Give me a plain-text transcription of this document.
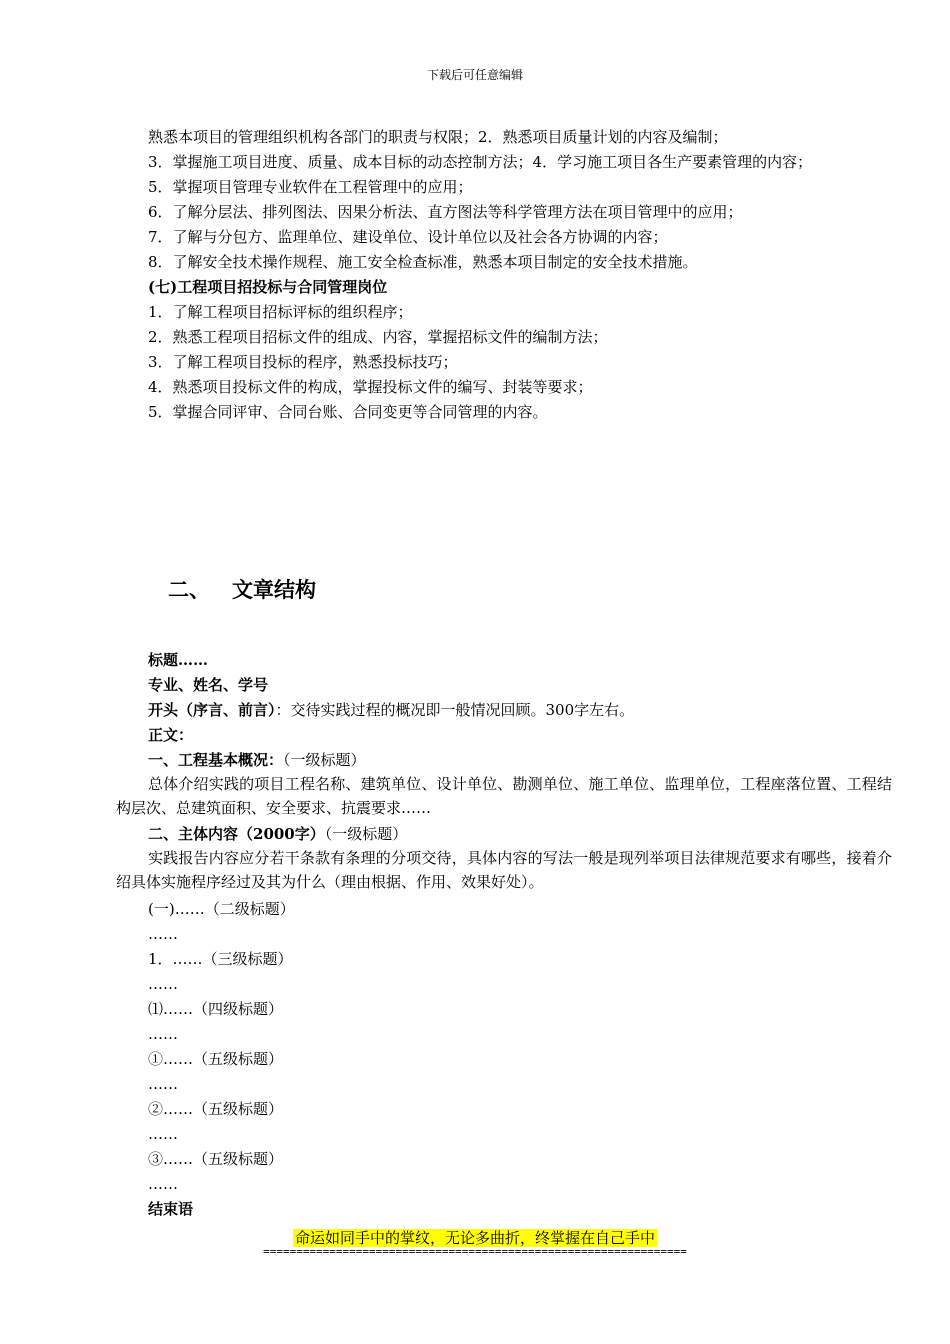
下载后可任意编辑
熟悉本项目的管理组织机构各部门的职责与权限；2．熟悉项目质量计划的内容及编制；
3．掌握施工项目进度、质量、成本目标的动态控制方法；4．学习施工项目各生产要素管理的内容；
5．掌握项目管理专业软件在工程管理中的应用；
6．了解分层法、排列图法、因果分析法、直方图法等科学管理方法在项目管理中的应用；
7．了解与分包方、监理单位、建设单位、设计单位以及社会各方协调的内容；
8．了解安全技术操作规程、施工安全检查标准，熟悉本项目制定的安全技术措施。
(七)工程项目招投标与合同管理岗位
1．了解工程项目招标评标的组织程序；
2．熟悉工程项目招标文件的组成、内容，掌握招标文件的编制方法；
3．了解工程项目投标的程序，熟悉投标技巧；
4．熟悉项目投标文件的构成，掌握投标文件的编写、封装等要求；
5．掌握合同评审、合同台账、合同变更等合同管理的内容。
二、 文章结构
标题……
专业、姓名、学号
开头（序言、前言）：交待实践过程的概况即一般情况回顾。300字左右。
正文：
一、工程基本概况：（一级标题）
总体介绍实践的项目工程名称、建筑单位、设计单位、勘测单位、施工单位、监理单位，工程座落位置、工程结构层次、总建筑面积、安全要求、抗震要求……
二、主体内容（2000字）（一级标题）
实践报告内容应分若干条款有条理的分项交待，具体内容的写法一般是现列举项目法律规范要求有哪些，接着介绍具体实施程序经过及其为什么（理由根据、作用、效果好处）。
(一)……（二级标题）
……
1．……（三级标题）
……
⑴……（四级标题）
……
①……（五级标题）
……
②……（五级标题）
……
③……（五级标题）
……
结束语
命运如同手中的掌纹，无论多曲折，终掌握在自己手中
================================================================
